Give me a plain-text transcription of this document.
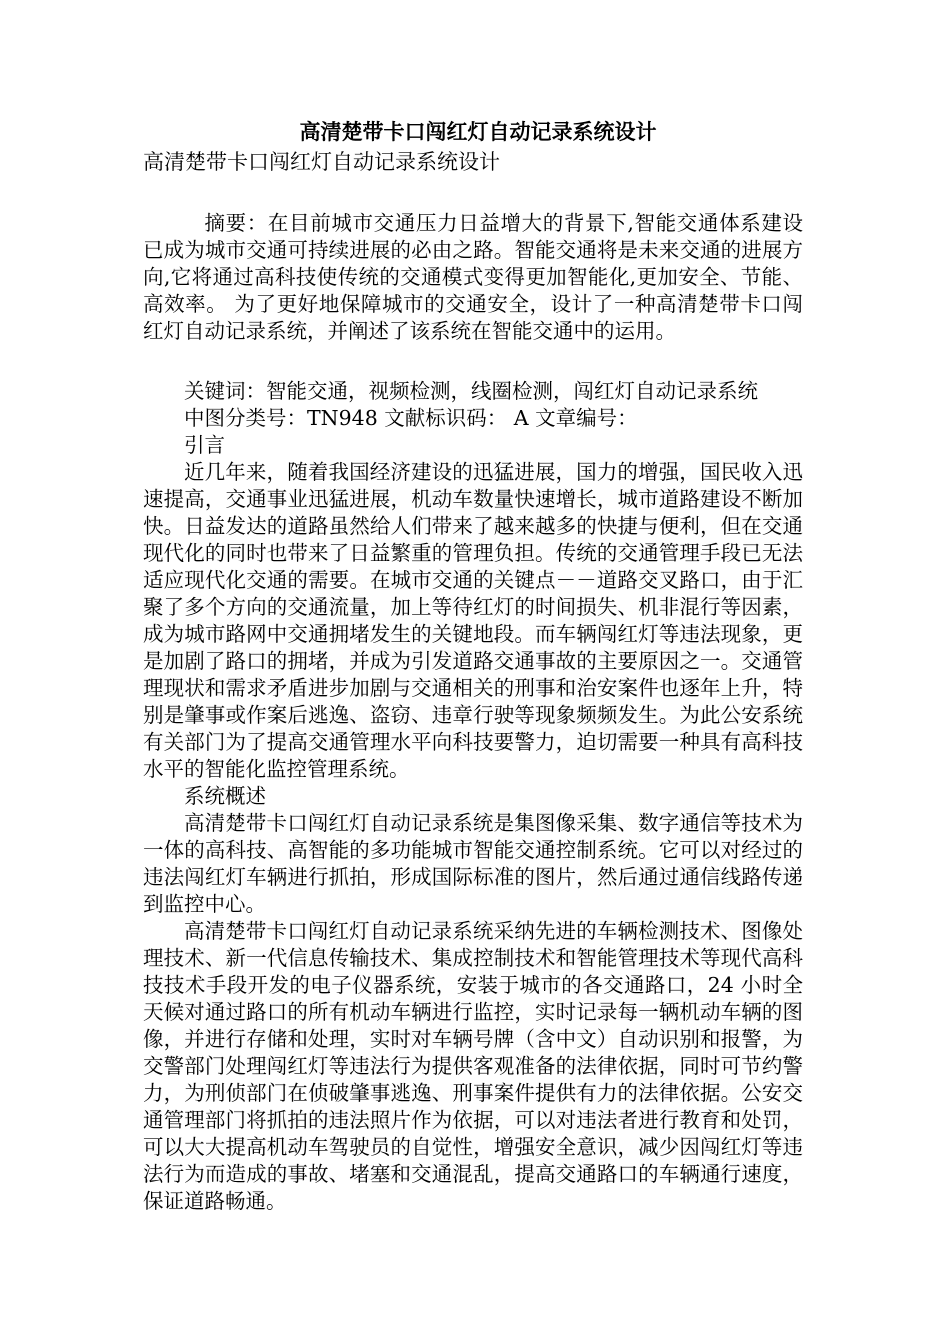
高清楚带卡口闯红灯自动记录系统设计
高清楚带卡口闯红灯自动记录系统设计

摘要：在目前城市交通压力日益增大的背景下,智能交通体系建设已成为城市交通可持续进展的必由之路。智能交通将是未来交通的进展方向,它将通过高科技使传统的交通模式变得更加智能化,更加安全、节能、高效率。 为了更好地保障城市的交通安全，设计了一种高清楚带卡口闯红灯自动记录系统，并阐述了该系统在智能交通中的运用。

关键词：智能交通，视频检测，线圈检测，闯红灯自动记录系统

中图分类号：TN948 文献标识码： A 文章编号：

引言

近几年来，随着我国经济建设的迅猛进展，国力的增强，国民收入迅速提高，交通事业迅猛进展，机动车数量快速增长，城市道路建设不断加快。日益发达的道路虽然给人们带来了越来越多的快捷与便利，但在交通现代化的同时也带来了日益繁重的管理负担。传统的交通管理手段已无法适应现代化交通的需要。在城市交通的关键点－－道路交叉路口，由于汇聚了多个方向的交通流量，加上等待红灯的时间损失、机非混行等因素，成为城市路网中交通拥堵发生的关键地段。而车辆闯红灯等违法现象，更是加剧了路口的拥堵，并成为引发道路交通事故的主要原因之一。交通管理现状和需求矛盾进步加剧与交通相关的刑事和治安案件也逐年上升，特别是肇事或作案后逃逸、盗窃、违章行驶等现象频频发生。为此公安系统有关部门为了提高交通管理水平向科技要警力，迫切需要一种具有高科技水平的智能化监控管理系统。

系统概述

高清楚带卡口闯红灯自动记录系统是集图像采集、数字通信等技术为一体的高科技、高智能的多功能城市智能交通控制系统。它可以对经过的违法闯红灯车辆进行抓拍，形成国际标准的图片，然后通过通信线路传递到监控中心。

高清楚带卡口闯红灯自动记录系统采纳先进的车辆检测技术、图像处理技术、新一代信息传输技术、集成控制技术和智能管理技术等现代高科技技术手段开发的电子仪器系统，安装于城市的各交通路口，24 小时全天候对通过路口的所有机动车辆进行监控，实时记录每一辆机动车辆的图像，并进行存储和处理，实时对车辆号牌（含中文）自动识别和报警，为交警部门处理闯红灯等违法行为提供客观准备的法律依据，同时可节约警力，为刑侦部门在侦破肇事逃逸、刑事案件提供有力的法律依据。公安交通管理部门将抓拍的违法照片作为依据，可以对违法者进行教育和处罚，可以大大提高机动车驾驶员的自觉性，增强安全意识，减少因闯红灯等违法行为而造成的事故、堵塞和交通混乱，提高交通路口的车辆通行速度，保证道路畅通。
